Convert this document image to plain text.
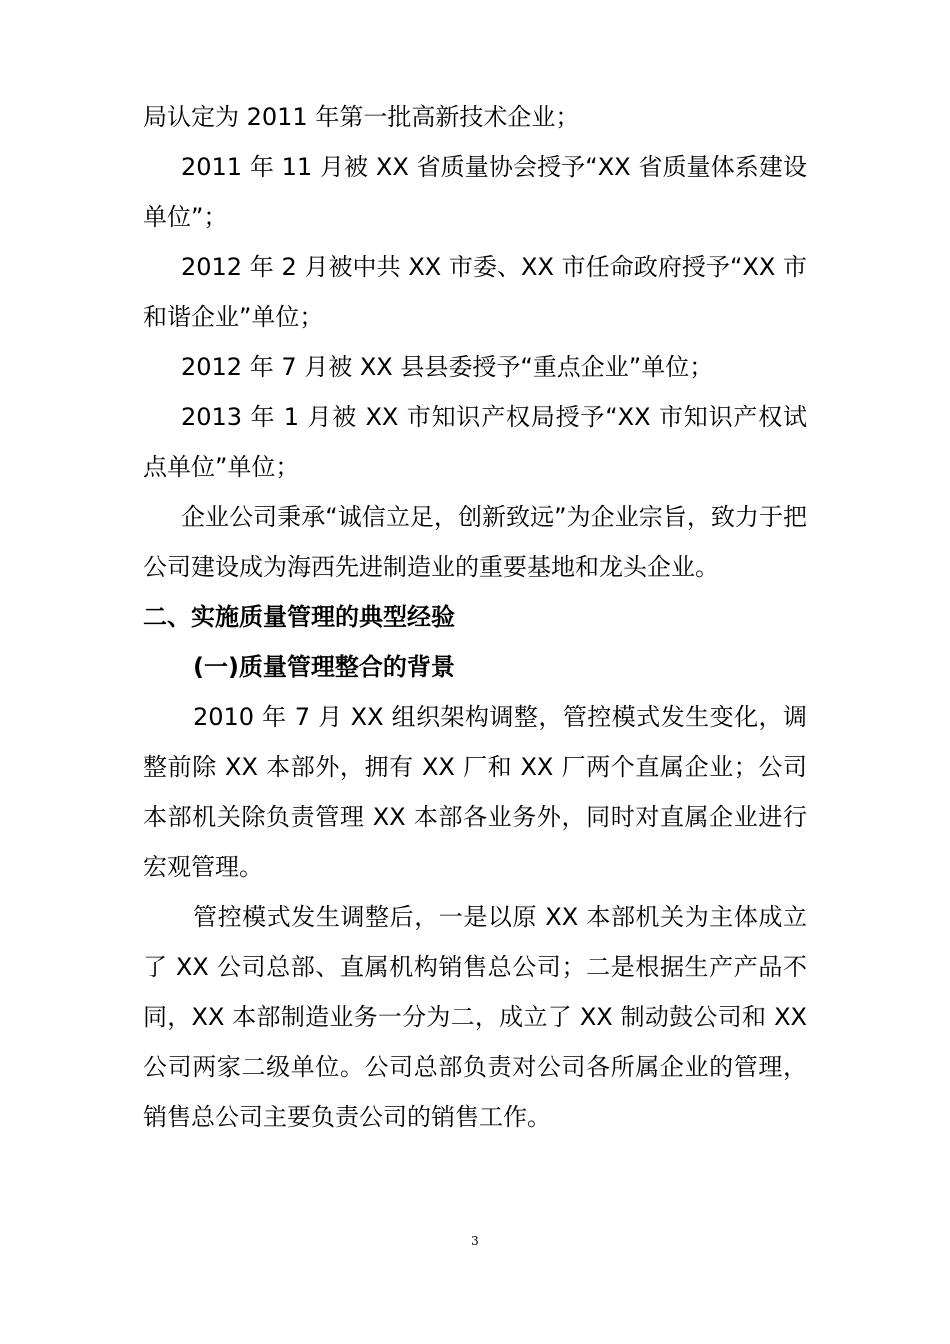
局认定为 2011 年第一批高新技术企业；

2011 年 11 月被 XX 省质量协会授予“XX 省质量体系建设单位”；

2012 年 2 月被中共 XX 市委、XX 市任命政府授予“XX 市和谐企业”单位；

2012 年 7 月被 XX 县县委授予“重点企业”单位；

2013 年 1 月被 XX 市知识产权局授予“XX 市知识产权试点单位”单位；

企业公司秉承“诚信立足，创新致远”为企业宗旨，致力于把公司建设成为海西先进制造业的重要基地和龙头企业。

二、实施质量管理的典型经验

(一)质量管理整合的背景

2010 年 7 月 XX 组织架构调整，管控模式发生变化，调整前除 XX 本部外，拥有 XX 厂和 XX 厂两个直属企业；公司本部机关除负责管理 XX 本部各业务外，同时对直属企业进行宏观管理。

管控模式发生调整后，一是以原 XX 本部机关为主体成立了 XX 公司总部、直属机构销售总公司；二是根据生产产品不同，XX 本部制造业务一分为二，成立了 XX 制动鼓公司和 XX 公司两家二级单位。公司总部负责对公司各所属企业的管理，销售总公司主要负责公司的销售工作。

3
